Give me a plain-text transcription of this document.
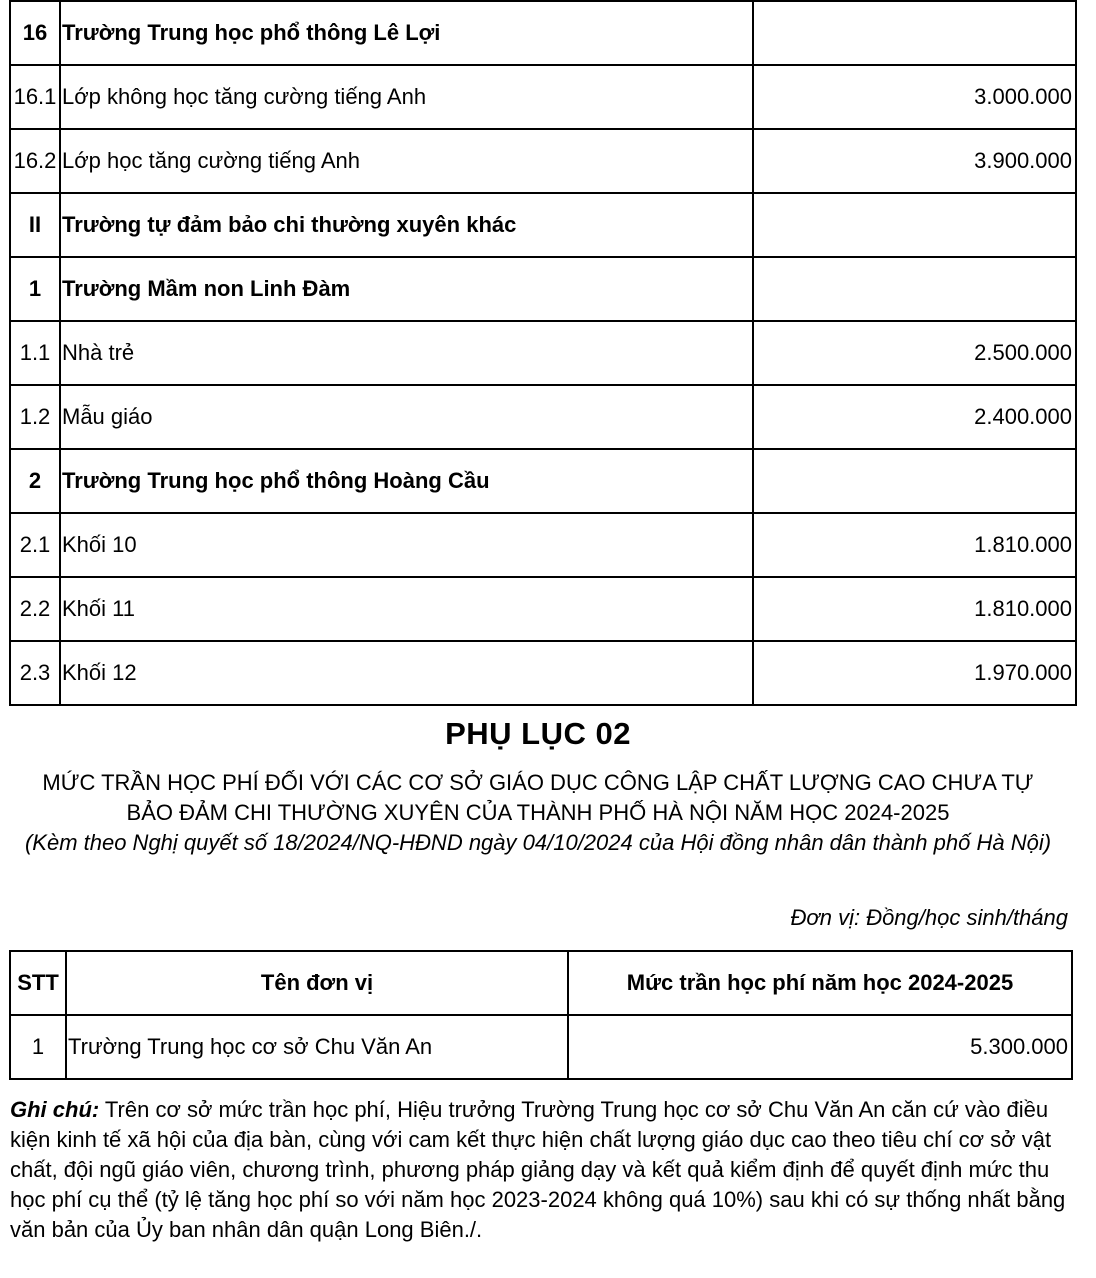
16	Trường Trung học phổ thông Lê Lợi	
16.1	Lớp không học tăng cường tiếng Anh	3.000.000
16.2	Lớp học tăng cường tiếng Anh	3.900.000
II	Trường tự đảm bảo chi thường xuyên khác	
1	Trường Mầm non Linh Đàm	
1.1	Nhà trẻ	2.500.000
1.2	Mẫu giáo	2.400.000
2	Trường Trung học phổ thông Hoàng Cầu	
2.1	Khối 10	1.810.000
2.2	Khối 11	1.810.000
2.3	Khối 12	1.970.000
PHỤ LỤC 02
MỨC TRẦN HỌC PHÍ ĐỐI VỚI CÁC CƠ SỞ GIÁO DỤC CÔNG LẬP CHẤT LƯỢNG CAO CHƯA TỰ BẢO ĐẢM CHI THƯỜNG XUYÊN CỦA THÀNH PHỐ HÀ NỘI NĂM HỌC 2024-2025
(Kèm theo Nghị quyết số 18/2024/NQ-HĐND ngày 04/10/2024 của Hội đồng nhân dân thành phố Hà Nội)
Đơn vị: Đồng/học sinh/tháng
STT	Tên đơn vị	Mức trần học phí năm học 2024-2025
1	Trường Trung học cơ sở Chu Văn An	5.300.000
Ghi chú: Trên cơ sở mức trần học phí, Hiệu trưởng Trường Trung học cơ sở Chu Văn An căn cứ vào điều kiện kinh tế xã hội của địa bàn, cùng với cam kết thực hiện chất lượng giáo dục cao theo tiêu chí cơ sở vật chất, đội ngũ giáo viên, chương trình, phương pháp giảng dạy và kết quả kiểm định để quyết định mức thu học phí cụ thể (tỷ lệ tăng học phí so với năm học 2023-2024 không quá 10%) sau khi có sự thống nhất bằng văn bản của Ủy ban nhân dân quận Long Biên./.
